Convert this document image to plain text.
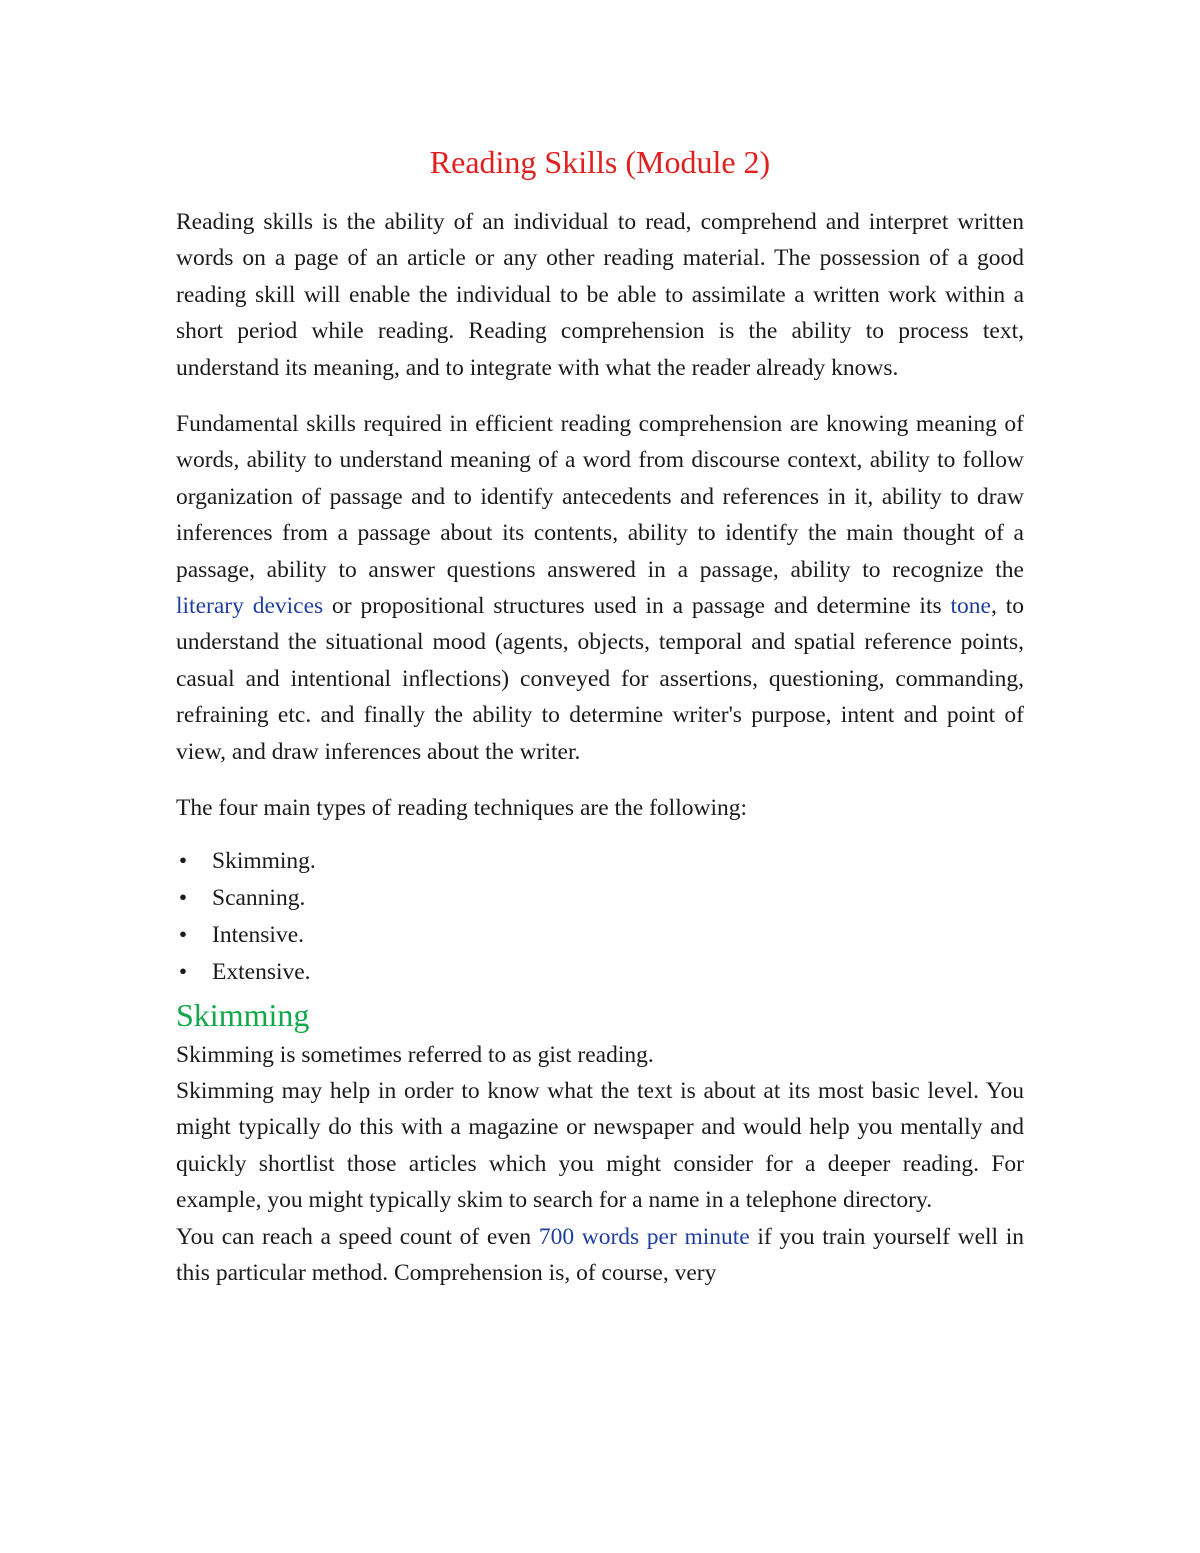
Reading Skills (Module 2)

Reading skills is the ability of an individual to read, comprehend and interpret written words on a page of an article or any other reading material. The possession of a good reading skill will enable the individual to be able to assimilate a written work within a short period while reading. Reading comprehension is the ability to process text, understand its meaning, and to integrate with what the reader already knows.

Fundamental skills required in efficient reading comprehension are knowing meaning of words, ability to understand meaning of a word from discourse context, ability to follow organization of passage and to identify antecedents and references in it, ability to draw inferences from a passage about its contents, ability to identify the main thought of a passage, ability to answer questions answered in a passage, ability to recognize the literary devices or propositional structures used in a passage and determine its tone, to understand the situational mood (agents, objects, temporal and spatial reference points, casual and intentional inflections) conveyed for assertions, questioning, commanding, refraining etc. and finally the ability to determine writer's purpose, intent and point of view, and draw inferences about the writer.

The four main types of reading techniques are the following:

• Skimming.
• Scanning.
• Intensive.
• Extensive.
Skimming

Skimming is sometimes referred to as gist reading.

Skimming may help in order to know what the text is about at its most basic level. You might typically do this with a magazine or newspaper and would help you mentally and quickly shortlist those articles which you might consider for a deeper reading. For example, you might typically skim to search for a name in a telephone directory.

You can reach a speed count of even 700 words per minute if you train yourself well in this particular method. Comprehension is, of course, very
